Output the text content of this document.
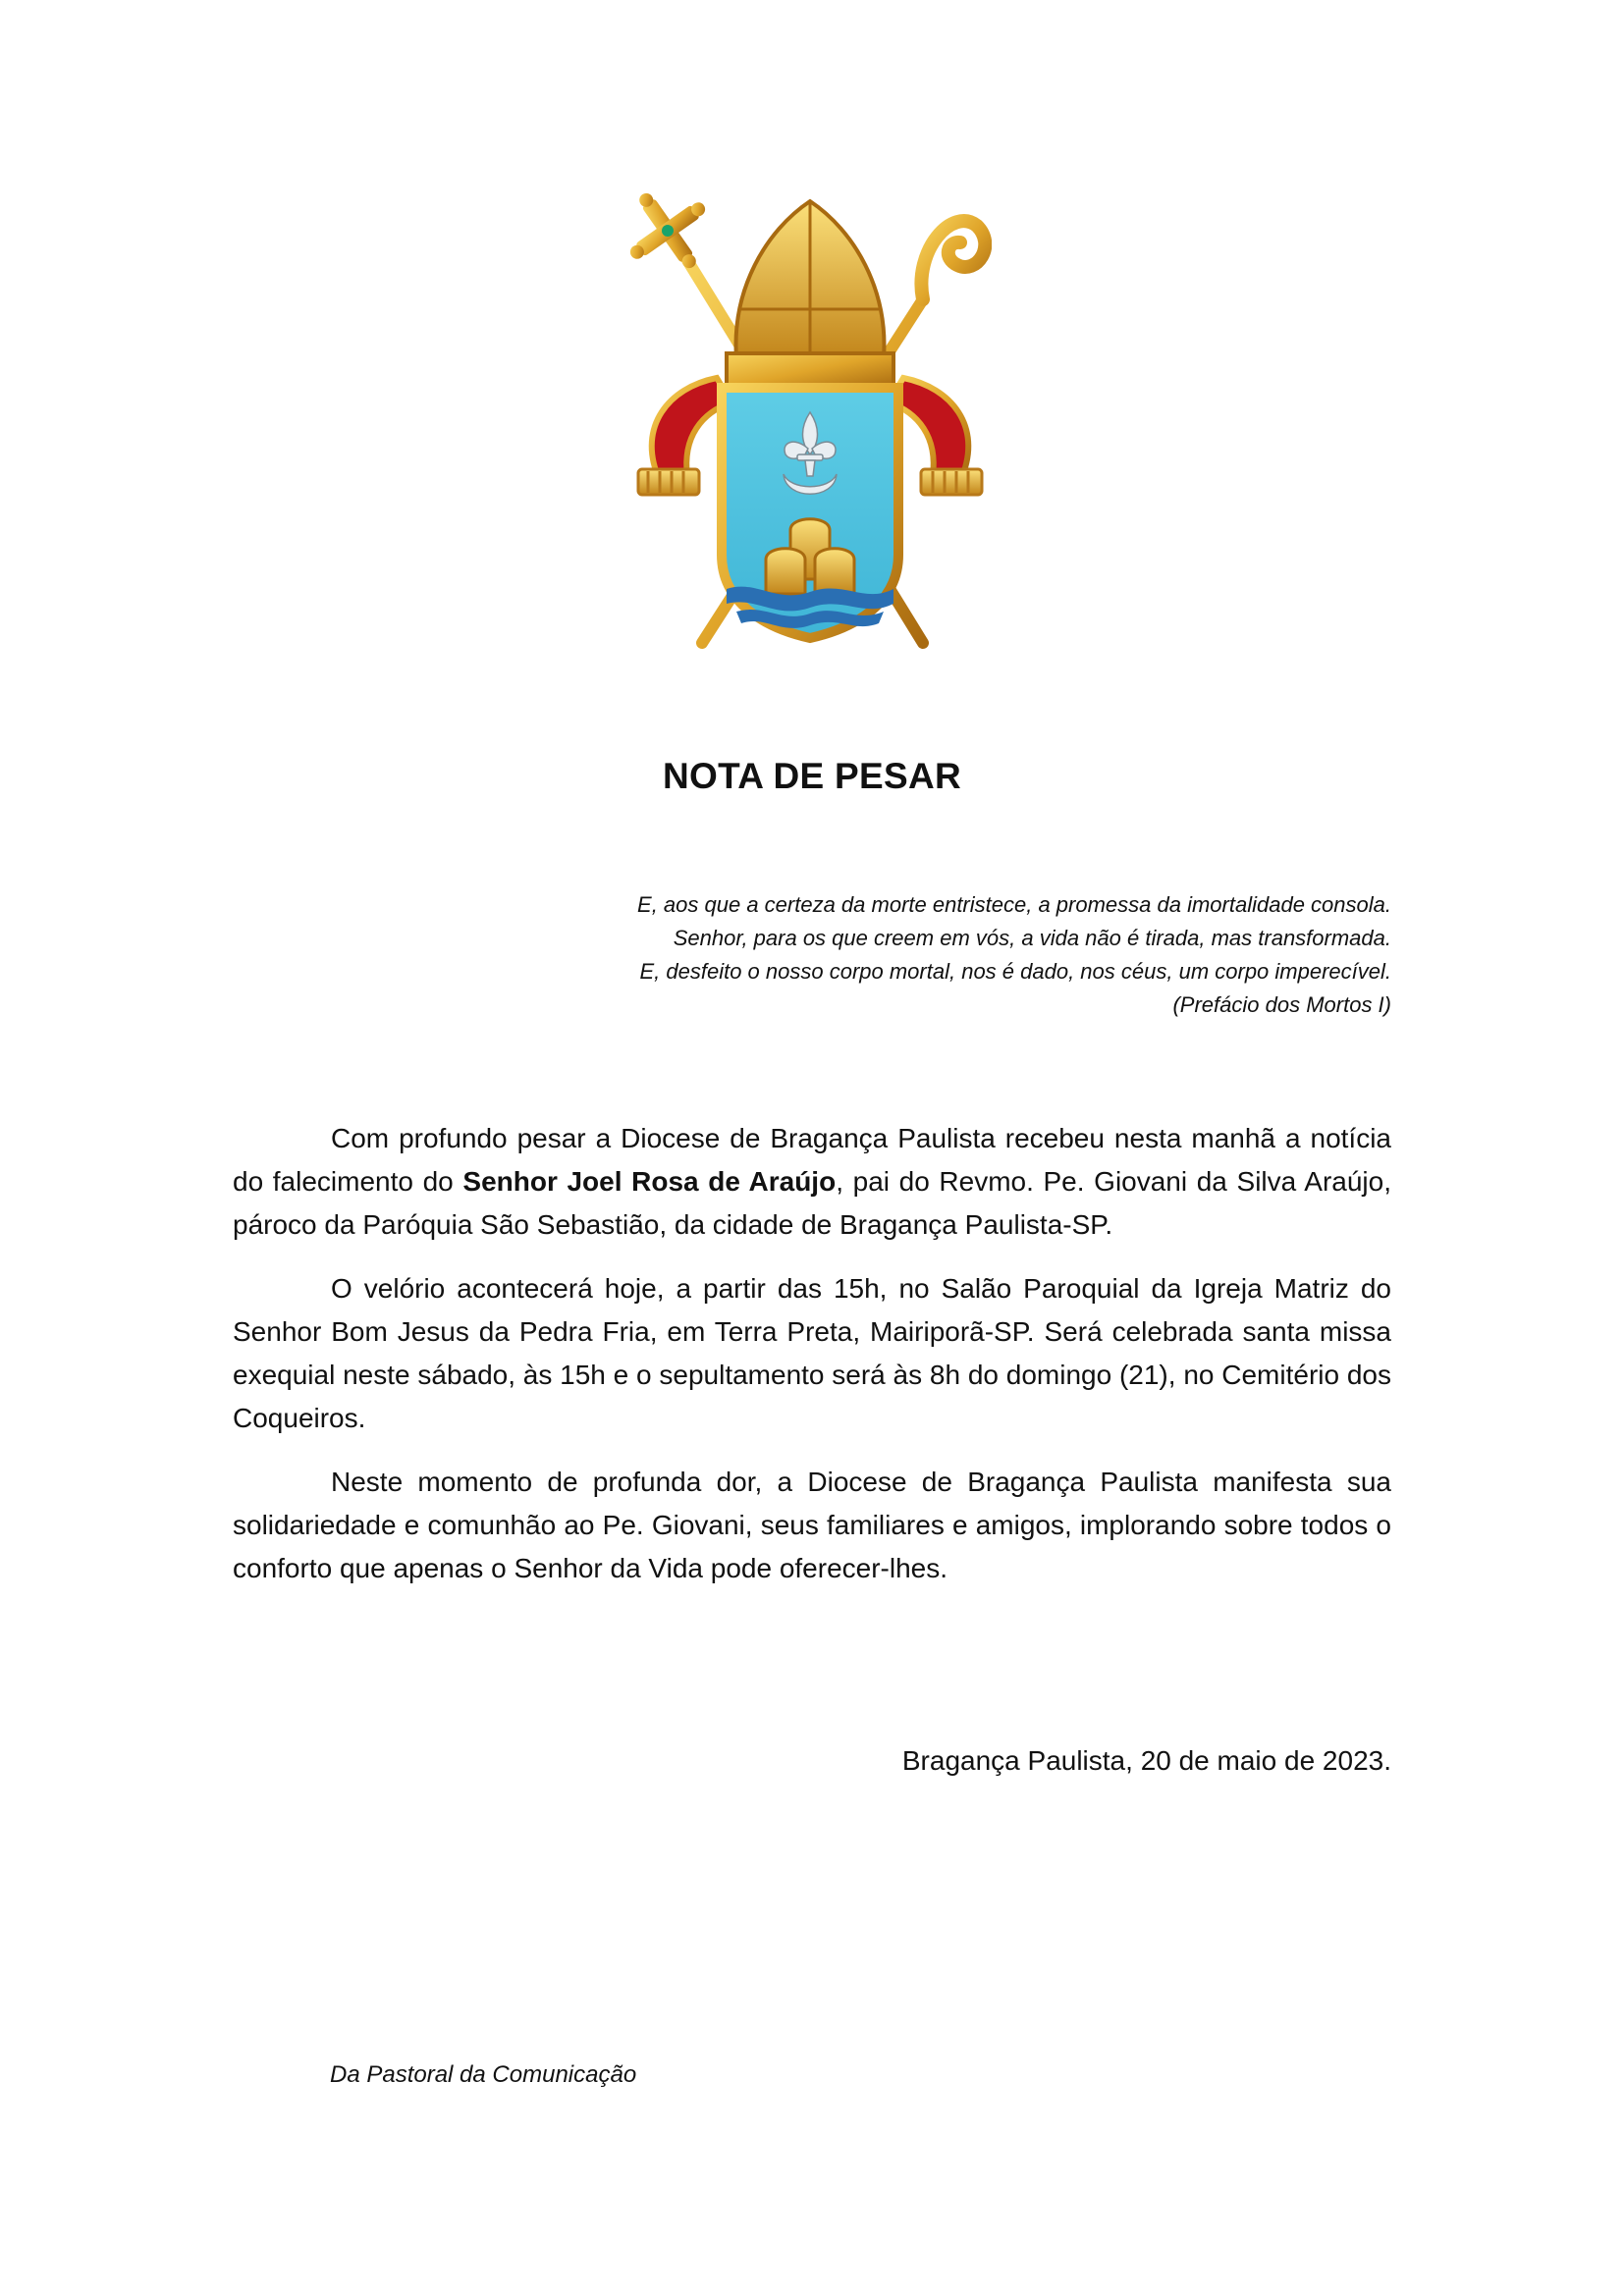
NOTA DE PESAR
E, aos que a certeza da morte entristece, a promessa da imortalidade consola.
Senhor, para os que creem em vós, a vida não é tirada, mas transformada.
E, desfeito o nosso corpo mortal, nos é dado, nos céus, um corpo imperecível.
(Prefácio dos Mortos I)

Com profundo pesar a Diocese de Bragança Paulista recebeu nesta manhã a notícia do falecimento do Senhor Joel Rosa de Araújo, pai do Revmo. Pe. Giovani da Silva Araújo, pároco da Paróquia São Sebastião, da cidade de Bragança Paulista-SP.

O velório acontecerá hoje, a partir das 15h, no Salão Paroquial da Igreja Matriz do Senhor Bom Jesus da Pedra Fria, em Terra Preta, Mairiporã-SP. Será celebrada santa missa exequial neste sábado, às 15h e o sepultamento será às 8h do domingo (21), no Cemitério dos Coqueiros.

Neste momento de profunda dor, a Diocese de Bragança Paulista manifesta sua solidariedade e comunhão ao Pe. Giovani, seus familiares e amigos, implorando sobre todos o conforto que apenas o Senhor da Vida pode oferecer-lhes.

Bragança Paulista, 20 de maio de 2023.
Da Pastoral da Comunicação
